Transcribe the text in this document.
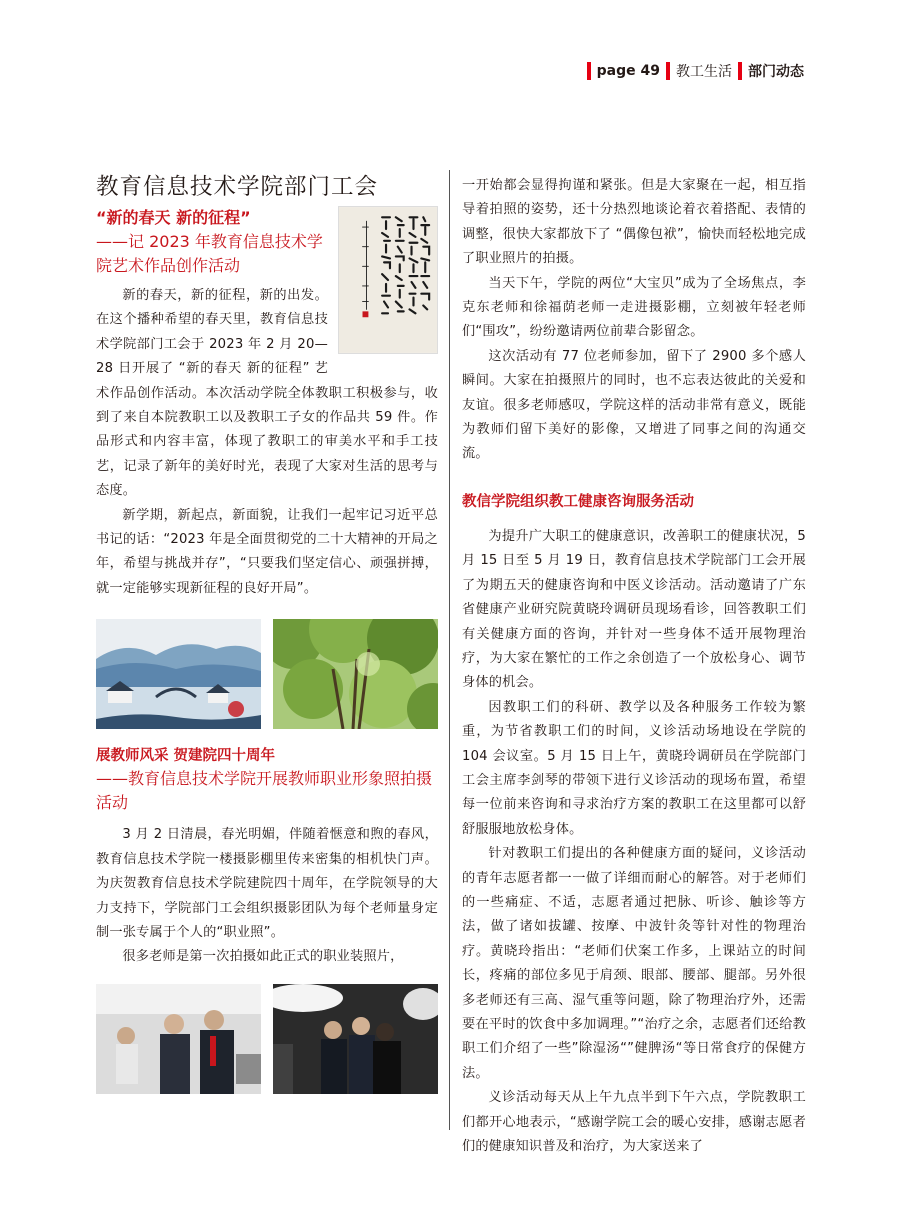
page 49 教工生活 部门动态
教育信息技术学院部门工会
“新的春天 新的征程”
——记 2023 年教育信息技术学院艺术作品创作活动

新的春天，新的征程，新的出发。在这个播种希望的春天里，教育信息技术学院部门工会于 2023 年 2 月 20—28 日开展了 “新的春天 新的征程” 艺术作品创作活动。本次活动学院全体教职工积极参与，收到了来自本院教职工以及教职工子女的作品共 59 件。作品形式和内容丰富，体现了教职工的审美水平和手工技艺，记录了新年的美好时光，表现了大家对生活的思考与态度。

新学期，新起点，新面貌，让我们一起牢记习近平总书记的话：“2023 年是全面贯彻党的二十大精神的开局之年，希望与挑战并存”，“只要我们坚定信心、顽强拼搏，就一定能够实现新征程的良好开局”。

展教师风采 贺建院四十周年
——教育信息技术学院开展教师职业形象照拍摄活动

3 月 2 日清晨，春光明媚，伴随着惬意和煦的春风，教育信息技术学院一楼摄影棚里传来密集的相机快门声。为庆贺教育信息技术学院建院四十周年，在学院领导的大力支持下，学院部门工会组织摄影团队为每个老师量身定制一张专属于个人的“职业照”。

很多老师是第一次拍摄如此正式的职业装照片，

一开始都会显得拘谨和紧张。但是大家聚在一起，相互指导着拍照的姿势，还十分热烈地谈论着衣着搭配、表情的调整，很快大家都放下了 “偶像包袱”，愉快而轻松地完成了职业照片的拍摄。

当天下午，学院的两位“大宝贝”成为了全场焦点，李克东老师和徐福荫老师一走进摄影棚，立刻被年轻老师们“围攻”，纷纷邀请两位前辈合影留念。

这次活动有 77 位老师参加，留下了 2900 多个感人瞬间。大家在拍摄照片的同时，也不忘表达彼此的关爱和友谊。很多老师感叹，学院这样的活动非常有意义，既能为教师们留下美好的影像，又增进了同事之间的沟通交流。

教信学院组织教工健康咨询服务活动

为提升广大职工的健康意识，改善职工的健康状况，5 月 15 日至 5 月 19 日，教育信息技术学院部门工会开展了为期五天的健康咨询和中医义诊活动。活动邀请了广东省健康产业研究院黄晓玲调研员现场看诊，回答教职工们有关健康方面的咨询，并针对一些身体不适开展物理治疗，为大家在繁忙的工作之余创造了一个放松身心、调节身体的机会。

因教职工们的科研、教学以及各种服务工作较为繁重，为节省教职工们的时间，义诊活动场地设在学院的 104 会议室。5 月 15 日上午，黄晓玲调研员在学院部门工会主席李剑琴的带领下进行义诊活动的现场布置，希望每一位前来咨询和寻求治疗方案的教职工在这里都可以舒舒服服地放松身体。

针对教职工们提出的各种健康方面的疑问，义诊活动的青年志愿者都一一做了详细而耐心的解答。对于老师们的一些痛症、不适，志愿者通过把脉、听诊、触诊等方法，做了诸如拔罐、按摩、中波针灸等针对性的物理治疗。黄晓玲指出：“老师们伏案工作多，上课站立的时间长，疼痛的部位多见于肩颈、眼部、腰部、腿部。另外很多老师还有三高、湿气重等问题，除了物理治疗外，还需要在平时的饮食中多加调理。”“治疗之余，志愿者们还给教职工们介绍了一些”除湿汤“”健脾汤“等日常食疗的保健方法。

义诊活动每天从上午九点半到下午六点，学院教职工们都开心地表示，“感谢学院工会的暖心安排，感谢志愿者们的健康知识普及和治疗，为大家送来了
